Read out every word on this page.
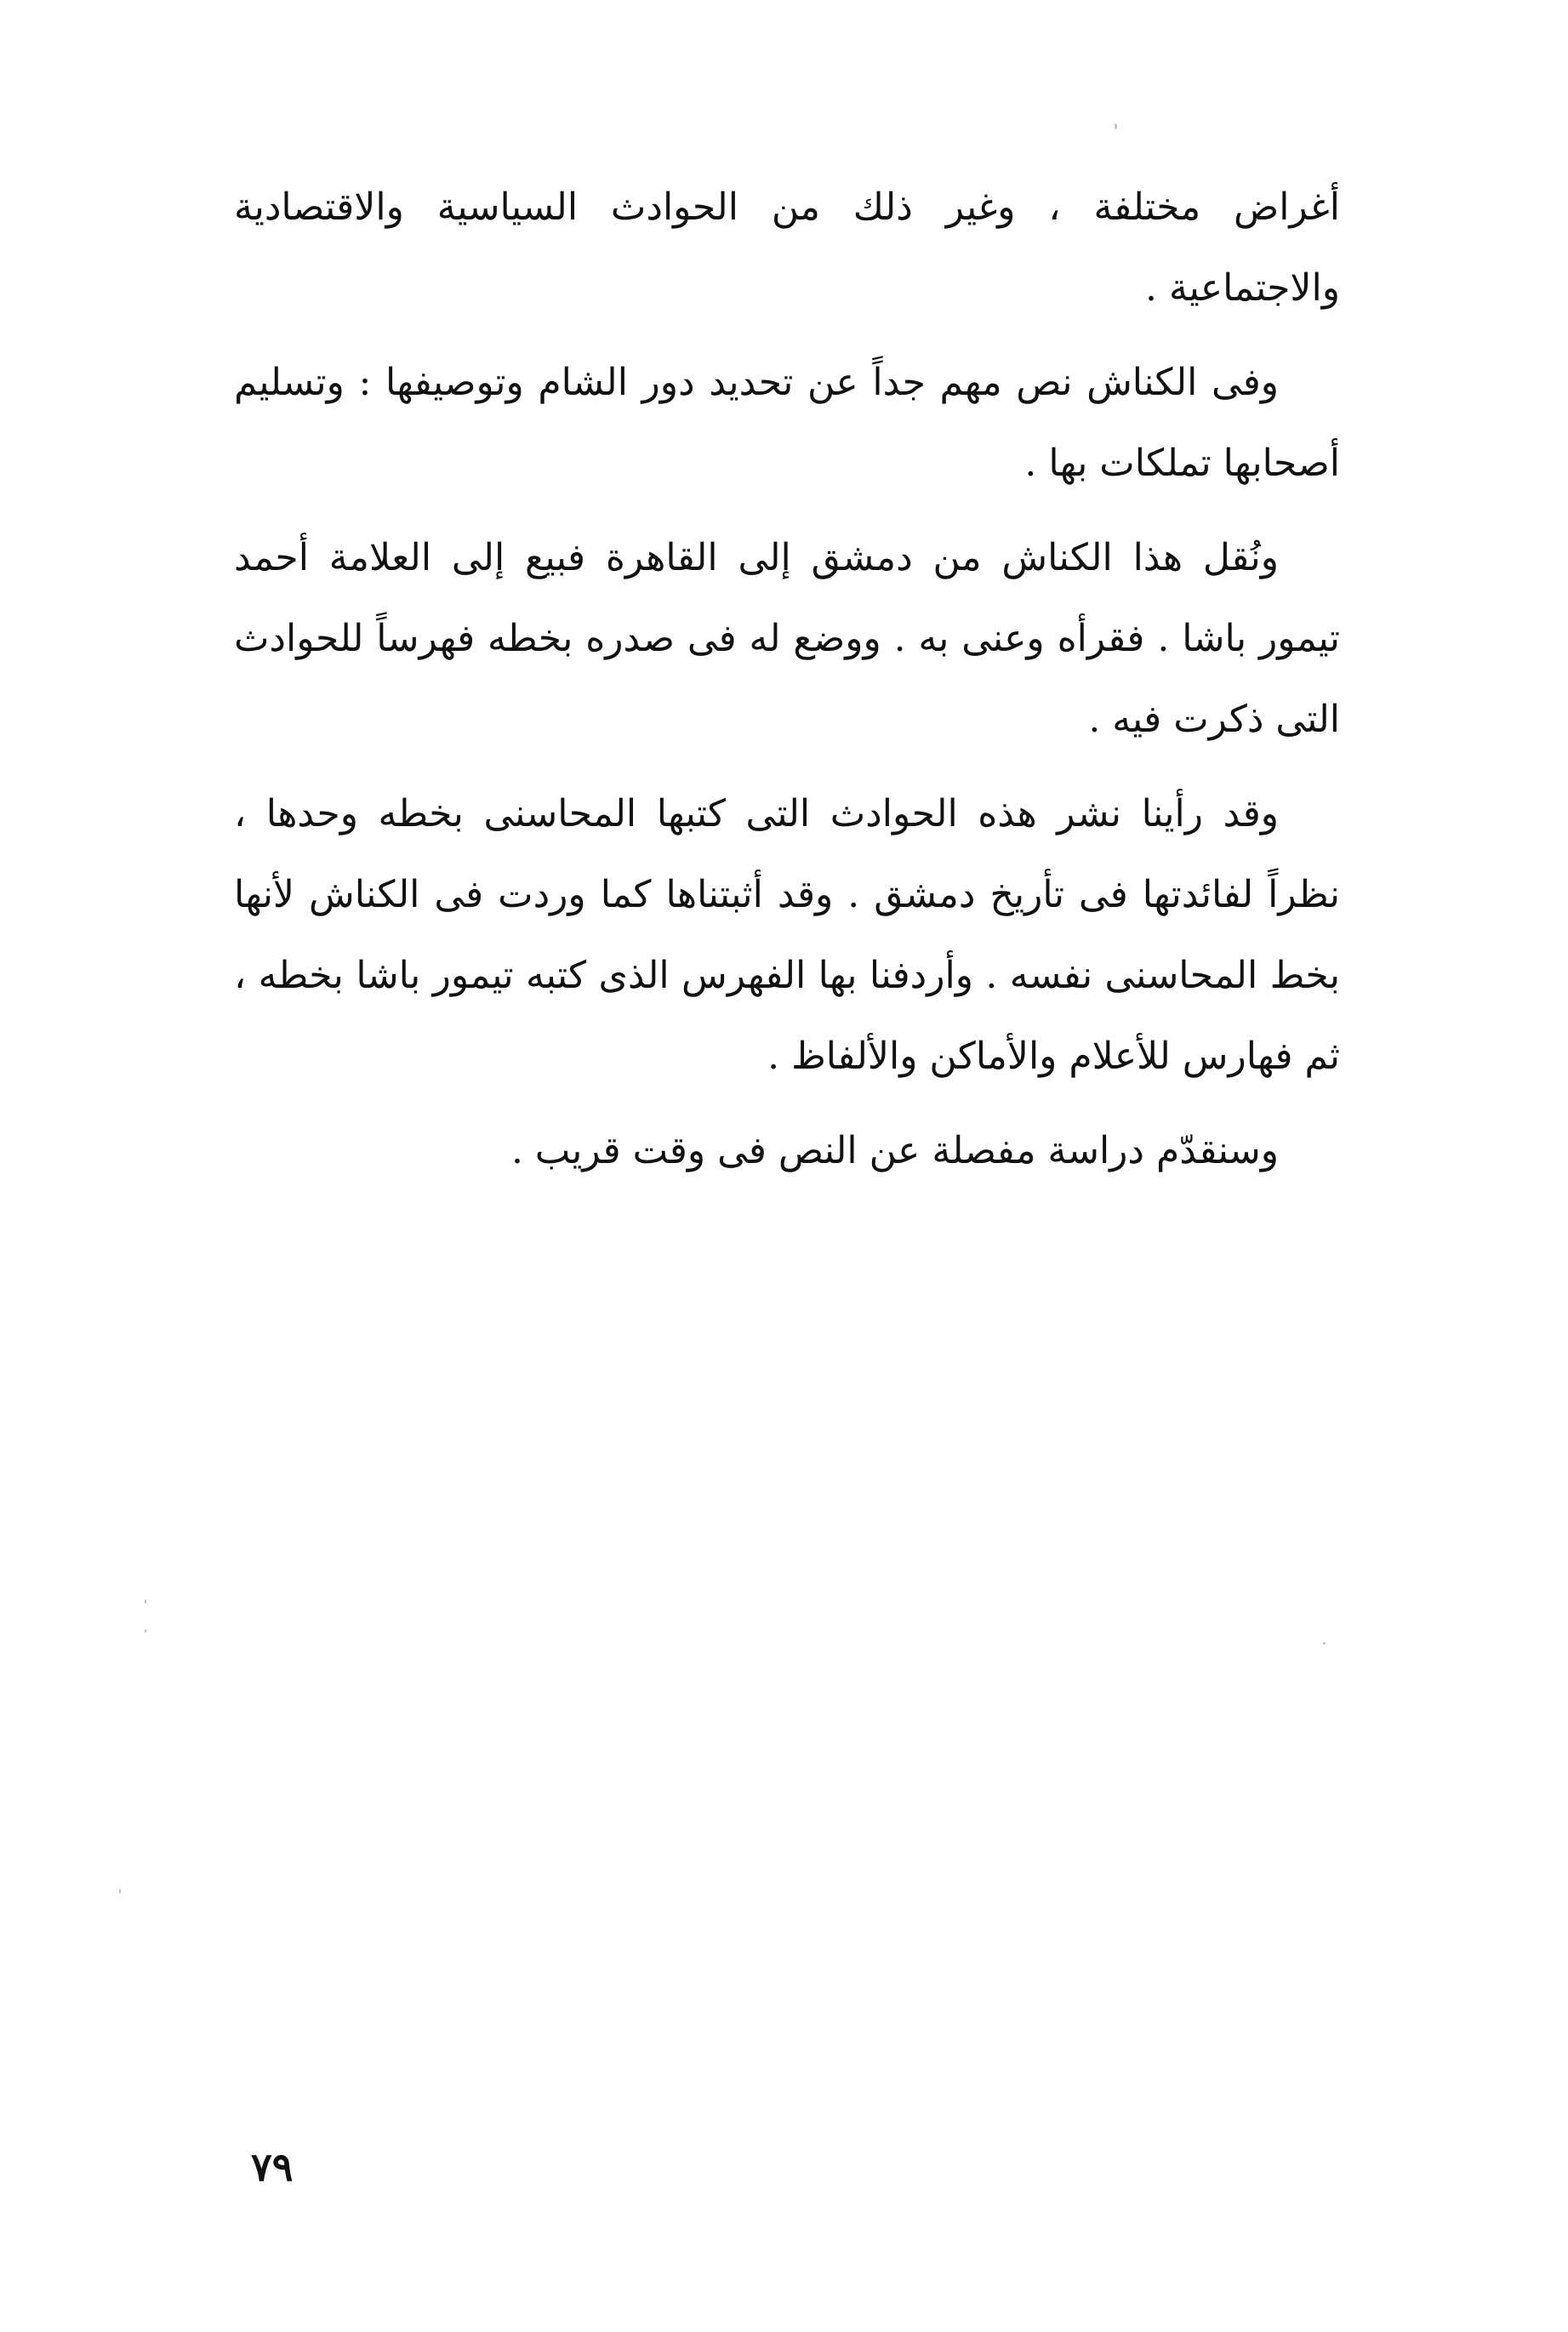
أغراض مختلفة ، وغير ذلك من الحوادث السياسية والاقتصادية والاجتماعية .

وفى الكناش نص مهم جداً عن تحديد دور الشام وتوصيفها : وتسليم أصحابها تملكات بها .

ونُقل هذا الكناش من دمشق إلى القاهرة فبيع إلى العلامة أحمد تيمور باشا . فقرأه وعنى به . ووضع له فى صدره بخطه فهرساً للحوادث التى ذكرت فيه .

وقد رأينا نشر هذه الحوادث التى كتبها المحاسنى بخطه وحدها ، نظراً لفائدتها فى تأريخ دمشق . وقد أثبتناها كما وردت فى الكناش لأنها بخط المحاسنى نفسه . وأردفنا بها الفهرس الذى كتبه تيمور باشا بخطه ، ثم فهارس للأعلام والأماكن والألفاظ .

وسنقدّم دراسة مفصلة عن النص فى وقت قريب .

٧٩
